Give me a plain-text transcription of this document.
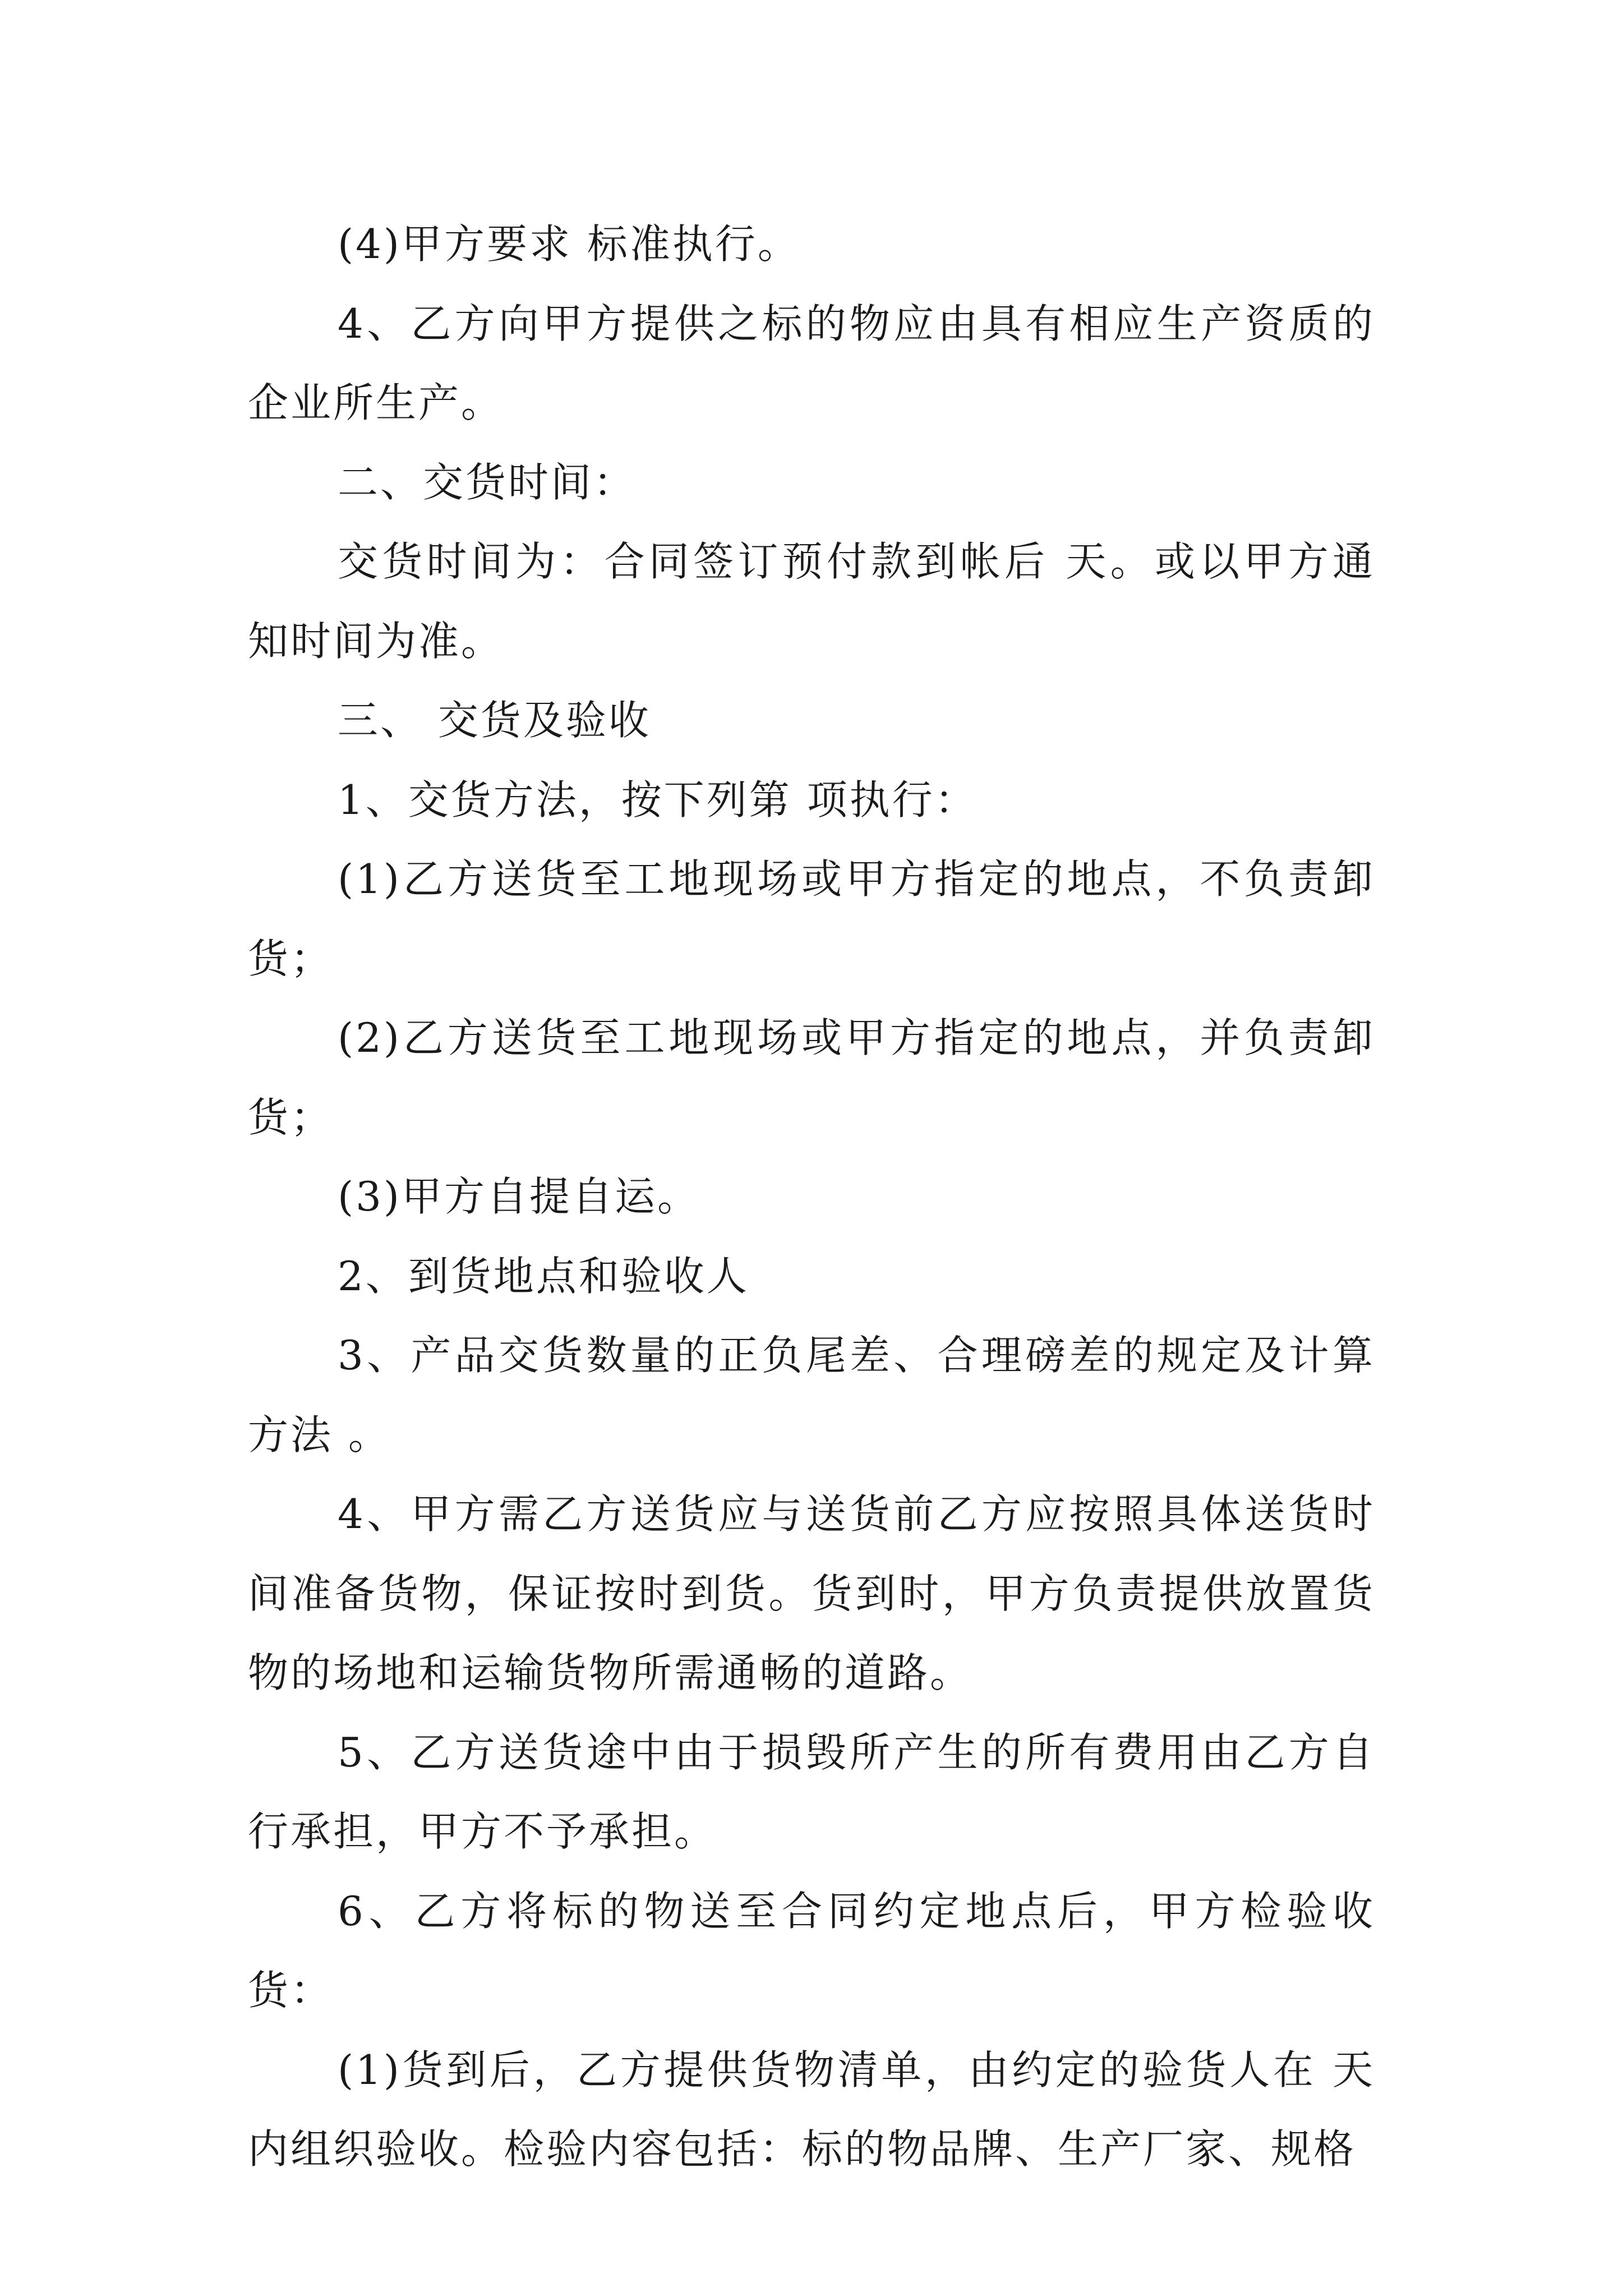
(4)甲方要求 标准执行。

4、乙方向甲方提供之标的物应由具有相应生产资质的企业所生产。

二、交货时间：

交货时间为：合同签订预付款到帐后 天。或以甲方通知时间为准。

三、 交货及验收

1、交货方法，按下列第 项执行：

(1)乙方送货至工地现场或甲方指定的地点，不负责卸货；

(2)乙方送货至工地现场或甲方指定的地点，并负责卸货；

(3)甲方自提自运。

2、到货地点和验收人

3、产品交货数量的正负尾差、合理磅差的规定及计算方法 。

4、甲方需乙方送货应与送货前乙方应按照具体送货时间准备货物，保证按时到货。货到时，甲方负责提供放置货物的场地和运输货物所需通畅的道路。

5、乙方送货途中由于损毁所产生的所有费用由乙方自行承担，甲方不予承担。

6、乙方将标的物送至合同约定地点后，甲方检验收货：

(1)货到后，乙方提供货物清单，由约定的验货人在 天内组织验收。检验内容包括：标的物品牌、生产厂家、规格
